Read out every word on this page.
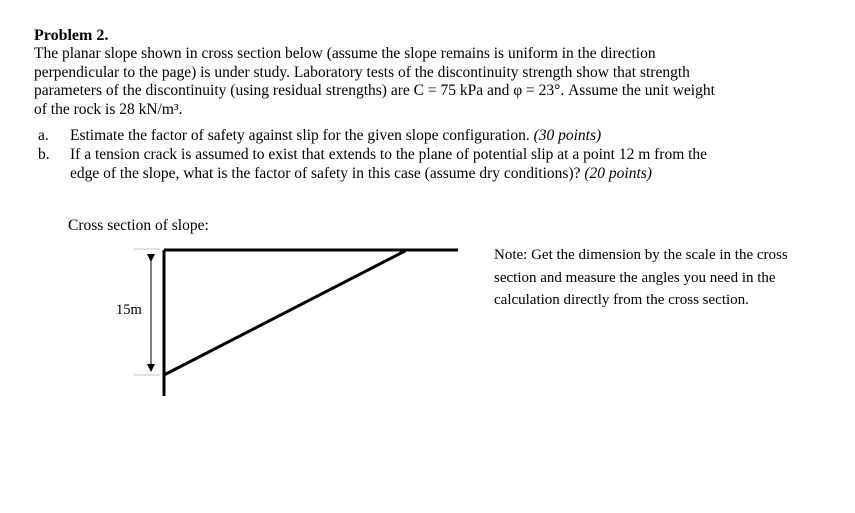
Problem 2.
The planar slope shown in cross section below (assume the slope remains is uniform in the direction
perpendicular to the page) is under study. Laboratory tests of the discontinuity strength show that strength
parameters of the discontinuity (using residual strengths) are C = 75 kPa and φ = 23°. Assume the unit weight
of the rock is 28 kN/m³.
a. Estimate the factor of safety against slip for the given slope configuration. (30 points)
b. If a tension crack is assumed to exist that extends to the plane of potential slip at a point 12 m from the
edge of the slope, what is the factor of safety in this case (assume dry conditions)? (20 points)
Cross section of slope:
15m
Note: Get the dimension by the scale in the cross section and measure the angles you need in the calculation directly from the cross section.
